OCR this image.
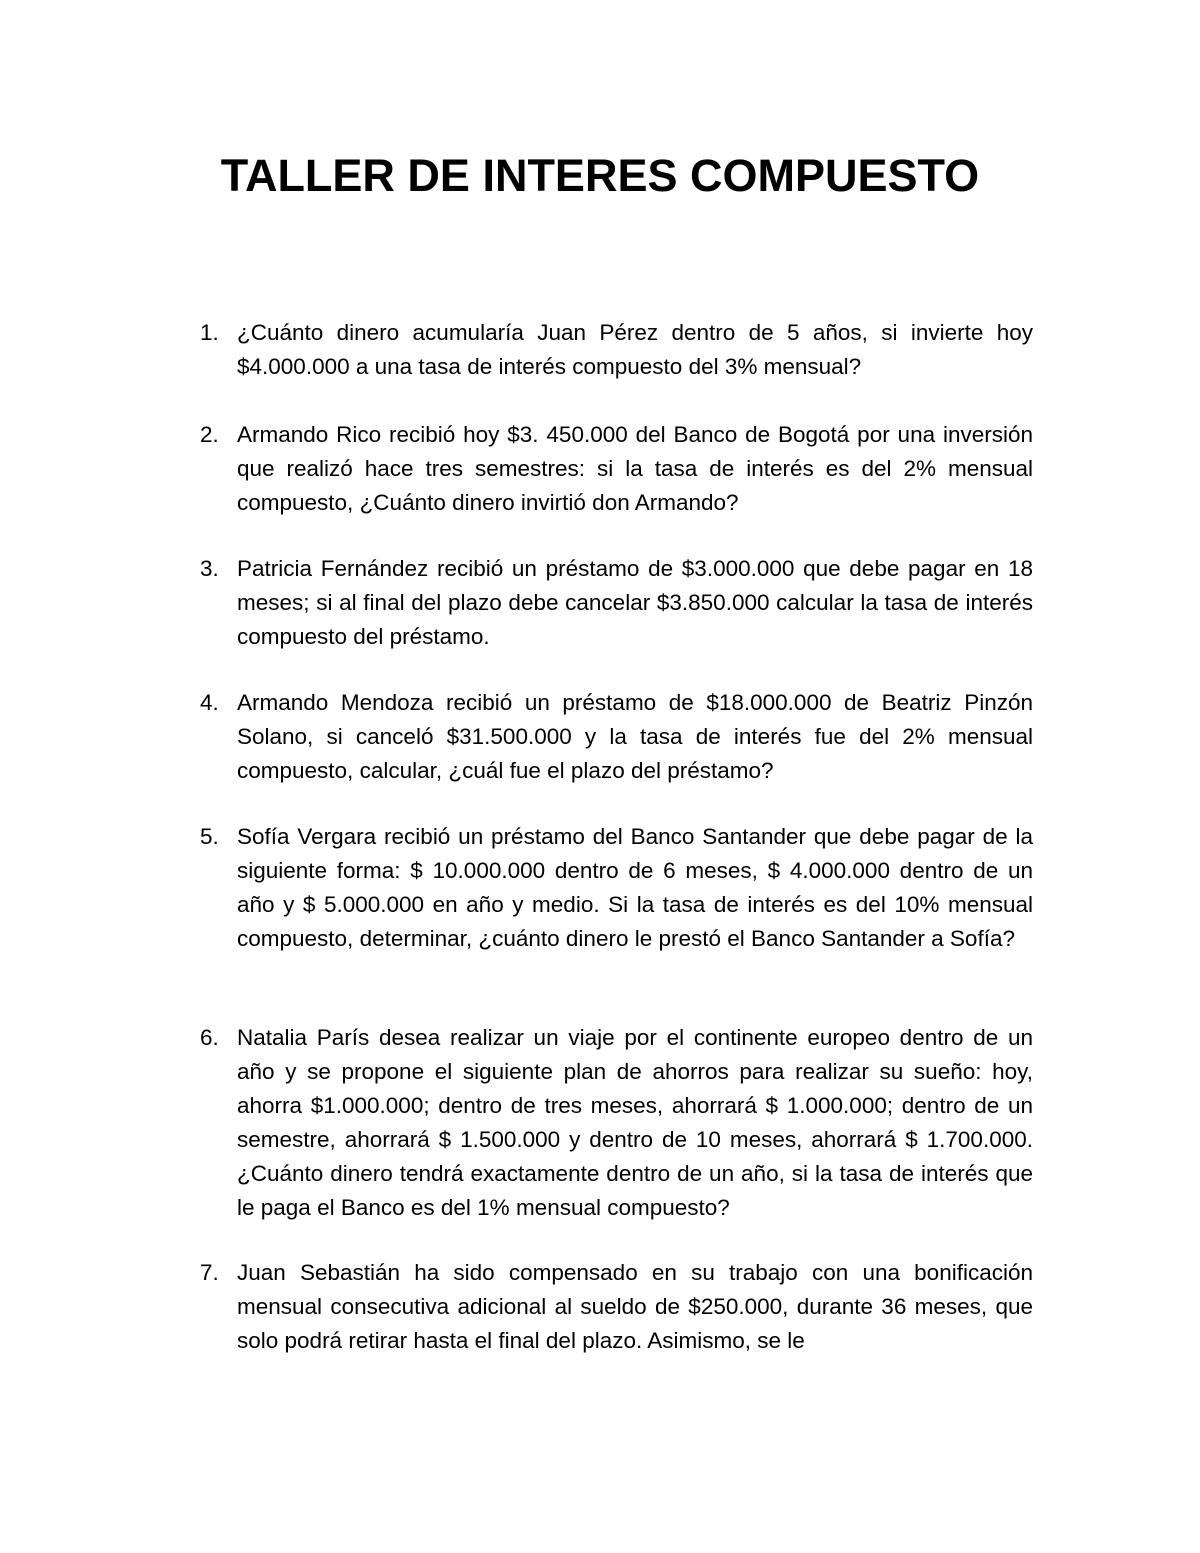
TALLER DE INTERES COMPUESTO
1. ¿Cuánto dinero acumularía Juan Pérez dentro de 5 años, si invierte hoy $4.000.000 a una tasa de interés compuesto del 3% mensual?
2. Armando Rico recibió hoy $3. 450.000 del Banco de Bogotá por una inversión que realizó hace tres semestres: si la tasa de interés es del 2% mensual compuesto, ¿Cuánto dinero invirtió don Armando?
3. Patricia Fernández recibió un préstamo de $3.000.000 que debe pagar en 18 meses; si al final del plazo debe cancelar $3.850.000 calcular la tasa de interés compuesto del préstamo.
4. Armando Mendoza recibió un préstamo de $18.000.000 de Beatriz Pinzón Solano, si canceló $31.500.000 y la tasa de interés fue del 2% mensual compuesto, calcular, ¿cuál fue el plazo del préstamo?
5. Sofía Vergara recibió un préstamo del Banco Santander que debe pagar de la siguiente forma: $ 10.000.000 dentro de 6 meses, $ 4.000.000 dentro de un año y $ 5.000.000 en año y medio. Si la tasa de interés es del 10% mensual compuesto, determinar, ¿cuánto dinero le prestó el Banco Santander a Sofía?
6. Natalia París desea realizar un viaje por el continente europeo dentro de un año y se propone el siguiente plan de ahorros para realizar su sueño: hoy, ahorra $1.000.000; dentro de tres meses, ahorrará $ 1.000.000; dentro de un semestre, ahorrará $ 1.500.000 y dentro de 10 meses, ahorrará $ 1.700.000. ¿Cuánto dinero tendrá exactamente dentro de un año, si la tasa de interés que le paga el Banco es del 1% mensual compuesto?
7. Juan Sebastián ha sido compensado en su trabajo con una bonificación mensual consecutiva adicional al sueldo de $250.000, durante 36 meses, que solo podrá retirar hasta el final del plazo. Asimismo, se le
